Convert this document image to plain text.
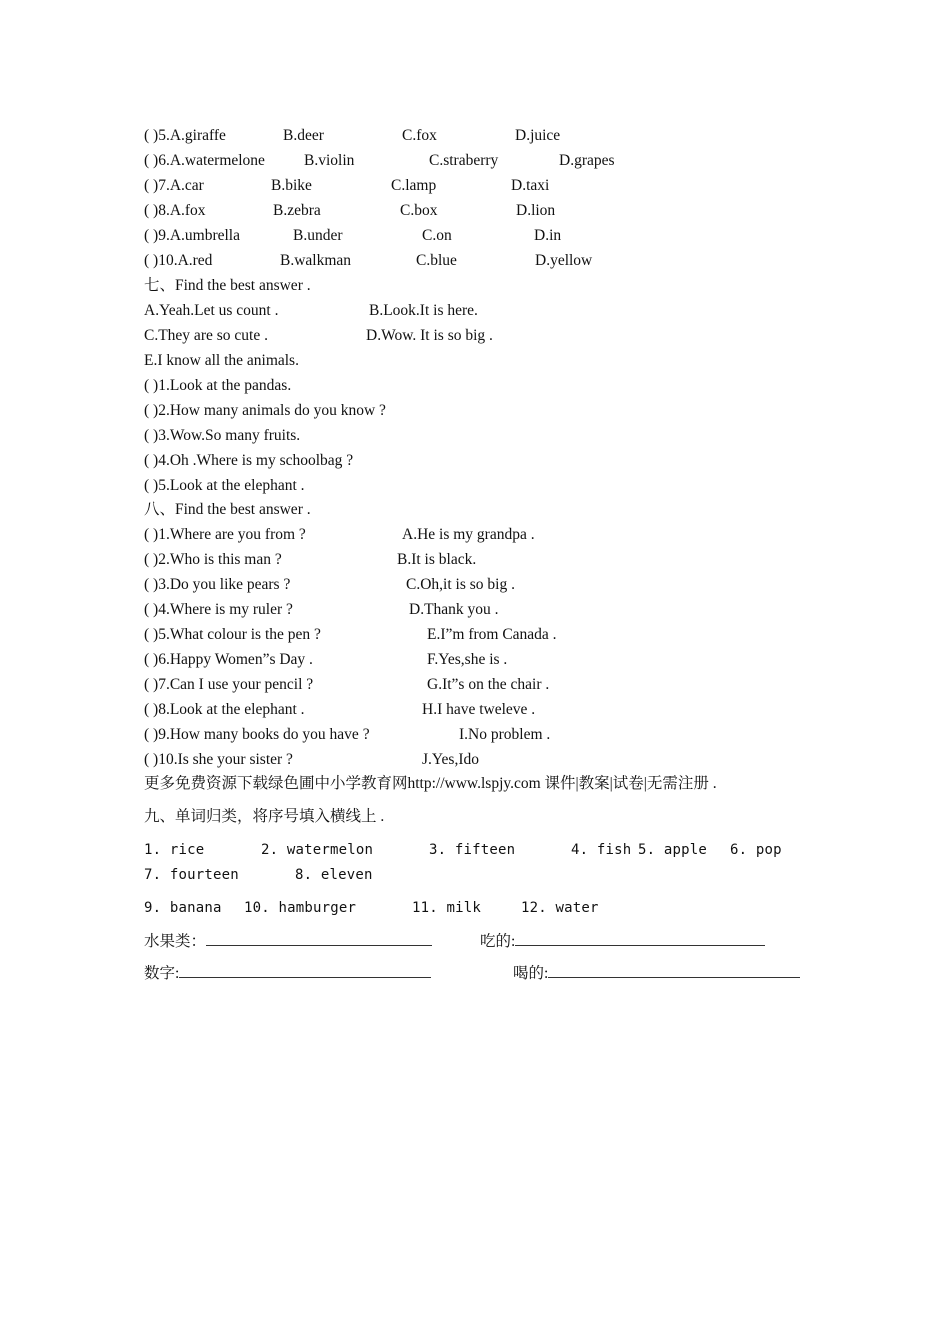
( )5.A.giraffe	B.deer	C.fox	D.juice
( )6.A.watermelone	B.violin	C.straberry	D.grapes
( )7.A.car	B.bike	C.lamp	D.taxi
( )8.A.fox	B.zebra	C.box	D.lion
( )9.A.umbrella	B.under	C.on	D.in
( )10.A.red	B.walkman	C.blue	D.yellow
七、Find the best answer .
A.Yeah.Let us count .	B.Look.It is here.
C.They are so cute .	D.Wow. It is so big .
E.I know all the animals.
( )1.Look at the pandas.
( )2.How many animals do you know ?
( )3.Wow.So many fruits.
( )4.Oh .Where is my schoolbag ?
( )5.Look at the elephant .
八、Find the best answer .
( )1.Where are you from ?	A.He is my grandpa .
( )2.Who is this man ?	B.It is black.
( )3.Do you like pears ?	C.Oh,it is so big .
( )4.Where is my ruler ?	D.Thank you .
( )5.What colour is the pen ?	E.I”m from Canada .
( )6.Happy Women”s Day .	F.Yes,she is .
( )7.Can I use your pencil ?	G.It”s on the chair .
( )8.Look at the elephant .	H.I have tweleve .
( )9.How many books do you have ?	I.No problem .
( )10.Is she your sister ?	J.Yes,Ido
更多免费资源下载绿色圃中小学教育网http://www.lspjy.com 课件|教案|试卷|无需注册 .
九、单词归类，将序号填入横线上 .
1. rice	2. watermelon	3. fifteen	4. fish 5. apple 6. pop
7. fourteen	8. eleven
9. banana 10. hamburger	11. milk	12. water
水果类：	吃的:
数字:	喝的:
